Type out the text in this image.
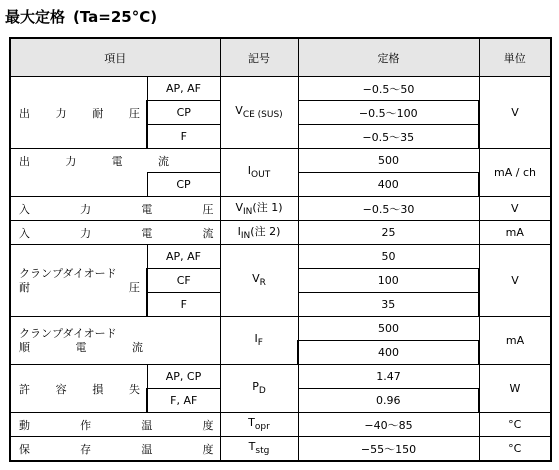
最大定格 (Ta=25°C)
項目		記号	定格	単位

出 力 耐 圧	AP, AF	$V_{CE (SUS)}$	−0.5〜50	V
	CP		−0.5〜100	
	F		−0.5〜35	

出 力 電 流		$I_{OUT}$	500	mA / ch
	CP		400	

入 力 電 圧		$V_{IN}$(注 1)	−0.5〜30	V

入 力 電 流		$I_{IN}$(注 2)	25	mA

クランプダイオード
耐 圧	AP, AF	$V_R$	50	V
	CF		100	
	F		35	

クランプダイオード
順 電 流		$I_F$	500	mA
			400	

許 容 損 失	AP, CP	$P_D$	1.47	W
	F, AF		0.96	

動 作 温 度		$T_{opr}$	−40〜85	°C

保 存 温 度		$T_{stg}$	−55〜150	°C
